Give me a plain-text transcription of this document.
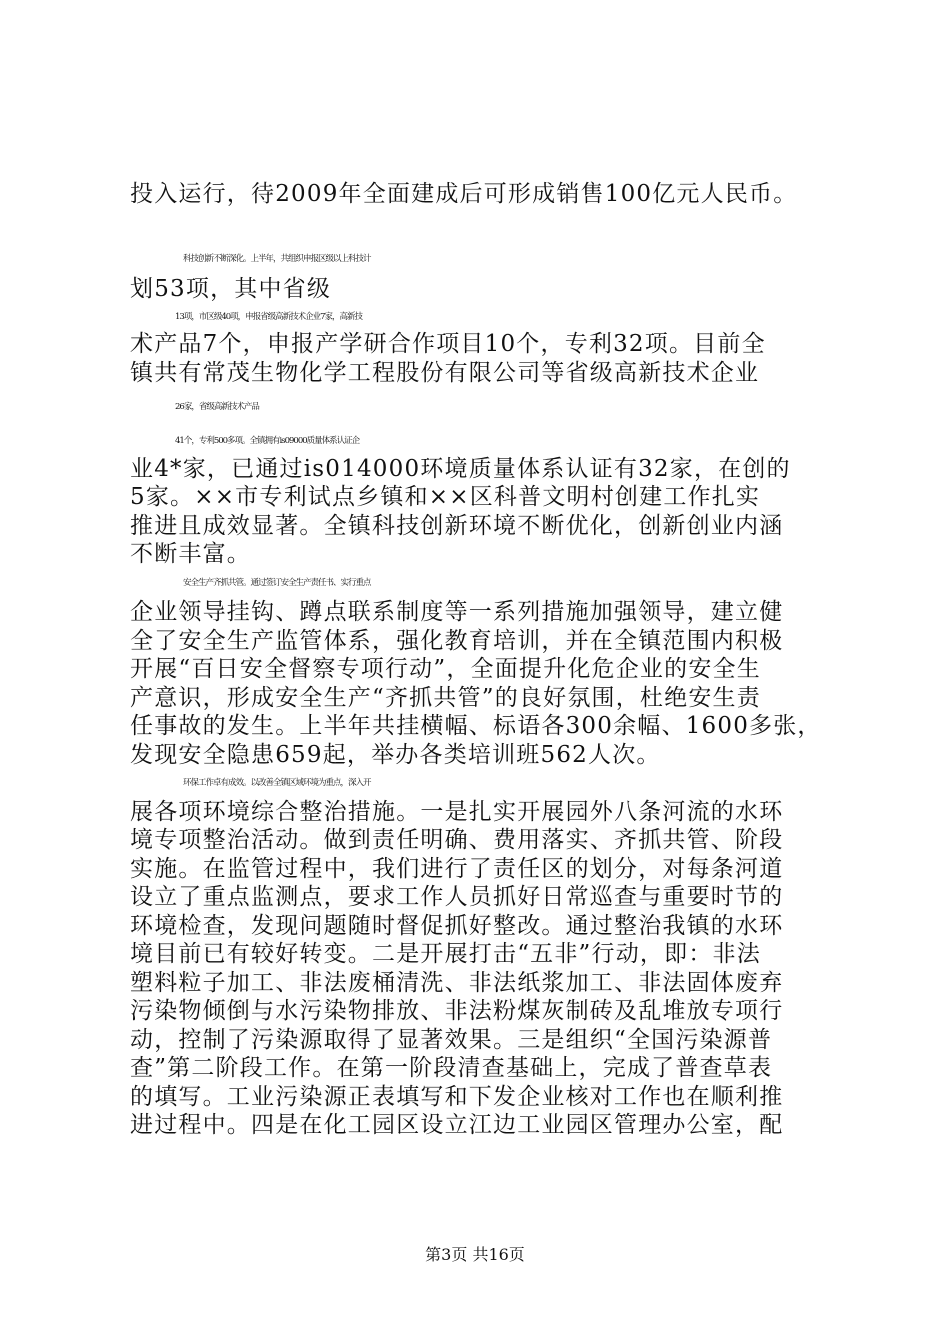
投入运行，待2009年全面建成后可形成销售100亿元人民币。

科技创新不断深化。上半年，共组织申报区级以上科技计

划53项，其中省级

13项，市区级40项，申报省级高新技术企业7家，高新技

术产品7个，申报产学研合作项目10个，专利32项。目前全

镇共有常茂生物化学工程股份有限公司等省级高新技术企业

26家，省级高新技术产品

41个，专利500多项。全镇拥有is09000质量体系认证企

业4*家，已通过is014000环境质量体系认证有32家，在创的

5家。××市专利试点乡镇和××区科普文明村创建工作扎实

推进且成效显著。全镇科技创新环境不断优化，创新创业内涵

不断丰富。

安全生产齐抓共管。通过签订安全生产责任书、实行重点

企业领导挂钩、蹲点联系制度等一系列措施加强领导，建立健

全了安全生产监管体系，强化教育培训，并在全镇范围内积极

开展“百日安全督察专项行动”，全面提升化危企业的安全生

产意识，形成安全生产“齐抓共管”的良好氛围，杜绝安生责

任事故的发生。上半年共挂横幅、标语各300余幅、1600多张，

发现安全隐患659起，举办各类培训班562人次。

环保工作卓有成效。以改善全镇区域环境为重点，深入开

展各项环境综合整治措施。一是扎实开展园外八条河流的水环

境专项整治活动。做到责任明确、费用落实、齐抓共管、阶段

实施。在监管过程中，我们进行了责任区的划分，对每条河道

设立了重点监测点，要求工作人员抓好日常巡查与重要时节的

环境检查，发现问题随时督促抓好整改。通过整治我镇的水环

境目前已有较好转变。二是开展打击“五非”行动，即：非法

塑料粒子加工、非法废桶清洗、非法纸浆加工、非法固体废弃

污染物倾倒与水污染物排放、非法粉煤灰制砖及乱堆放专项行

动，控制了污染源取得了显著效果。三是组织“全国污染源普

查”第二阶段工作。在第一阶段清查基础上，完成了普查草表

的填写。工业污染源正表填写和下发企业核对工作也在顺利推

进过程中。四是在化工园区设立江边工业园区管理办公室，配

第3页 共16页
